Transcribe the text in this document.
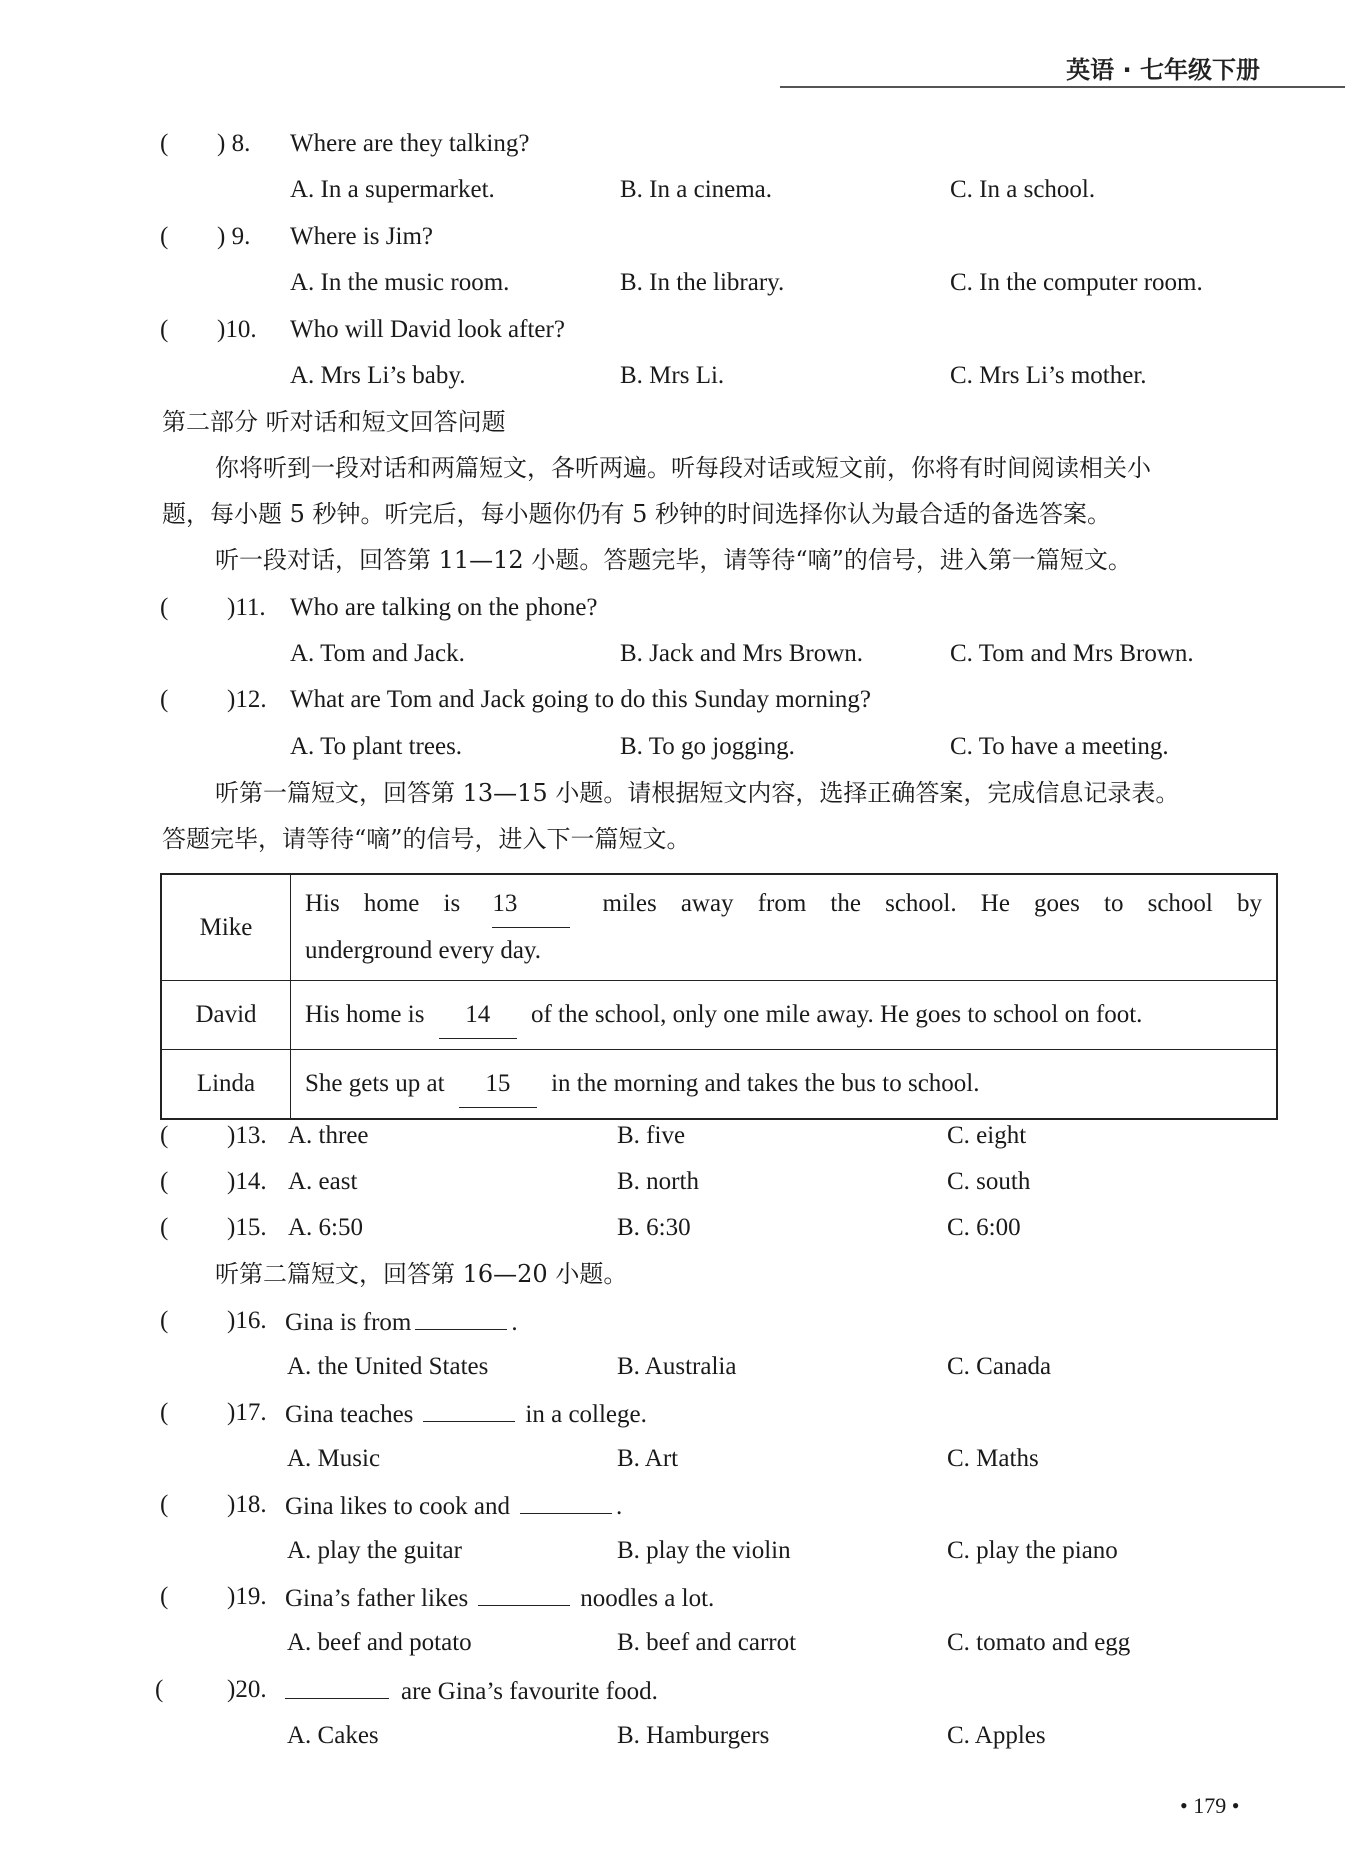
英语 · 七年级下册
( ) 8. Where are they talking?
A. In a supermarket.	B. In a cinema.	C. In a school.
( ) 9. Where is Jim?
A. In the music room.	B. In the library.	C. In the computer room.
( )10. Who will David look after?
A. Mrs Li’s baby.	B. Mrs Li.	C. Mrs Li’s mother.
第二部分 听对话和短文回答问题
你将听到一段对话和两篇短文，各听两遍。听每段对话或短文前，你将有时间阅读相关小
题，每小题 5 秒钟。听完后，每小题你仍有 5 秒钟的时间选择你认为最合适的备选答案。
听一段对话，回答第 11—12 小题。答题完毕，请等待“嘀”的信号，进入第一篇短文。
( )11. Who are talking on the phone?
A. Tom and Jack.	B. Jack and Mrs Brown.	C. Tom and Mrs Brown.
( )12. What are Tom and Jack going to do this Sunday morning?
A. To plant trees.	B. To go jogging.	C. To have a meeting.
听第一篇短文，回答第 13—15 小题。请根据短文内容，选择正确答案，完成信息记录表。
答题完毕，请等待“嘀”的信号，进入下一篇短文。
Mike	His home is 13 miles away from the school. He goes to school by
underground every day.

David	His home is 14 of the school, only one mile away. He goes to school on foot.
Linda	She gets up at 15 in the morning and takes the bus to school.
( )13. A. three	B. five	C. eight
( )14. A. east	B. north	C. south
( )15. A. 6:50	B. 6:30	C. 6:00
听第二篇短文，回答第 16—20 小题。
( )16. Gina is from	.
A. the United States	B. Australia	C. Canada
( )17. Gina teaches	in a college.
A. Music	B. Art	C. Maths
( )18. Gina likes to cook and	.
A. play the guitar	B. play the violin	C. play the piano
( )19. Gina’s father likes	noodles a lot.
A. beef and potato	B. beef and carrot	C. tomato and egg
(	)20.	are Gina’s favourite food.
A. Cakes	B. Hamburgers	C. Apples
• 179 •
